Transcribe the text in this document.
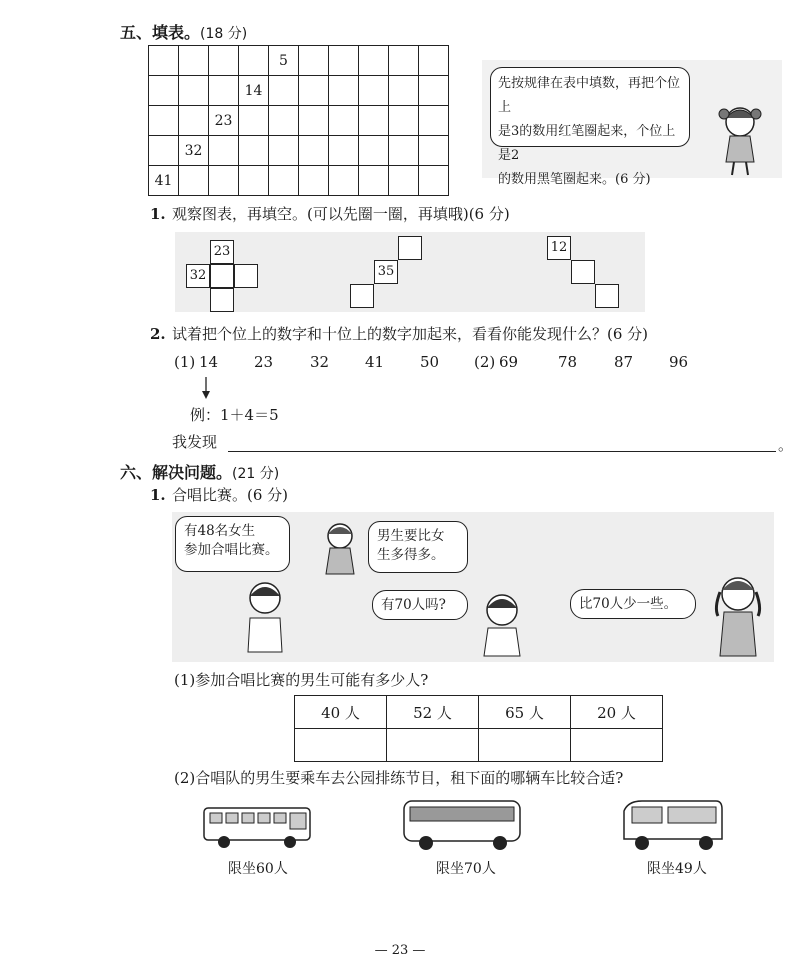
五、填表。(18 分)
				5					
			14						
		23							
	32								
41									
先按规律在表中填数，再把个位上
是3的数用红笔圈起来，个位上是2
的数用黑笔圈起来。(6 分)
1. 观察图表，再填空。(可以先圈一圈，再填哦)(6 分)
23
32	35
12
2. 试着把个位上的数字和十位上的数字加起来，看看你能发现什么？(6 分)
(1) 14 23 32 41 50 (2) 69	78 87 96
例：1＋4＝5
我发现	。
六、解决问题。(21 分)
1. 合唱比赛。(6 分)
有48名女生
参加合唱比赛。
男生要比女
生多得多。
有70人吗?	比70人少一些。
(1)参加合唱比赛的男生可能有多少人?
40 人	52 人	65 人	20 人

(2)合唱队的男生要乘车去公园排练节目，租下面的哪辆车比较合适?
限坐60人	限坐70人	限坐49人
— 23 —
